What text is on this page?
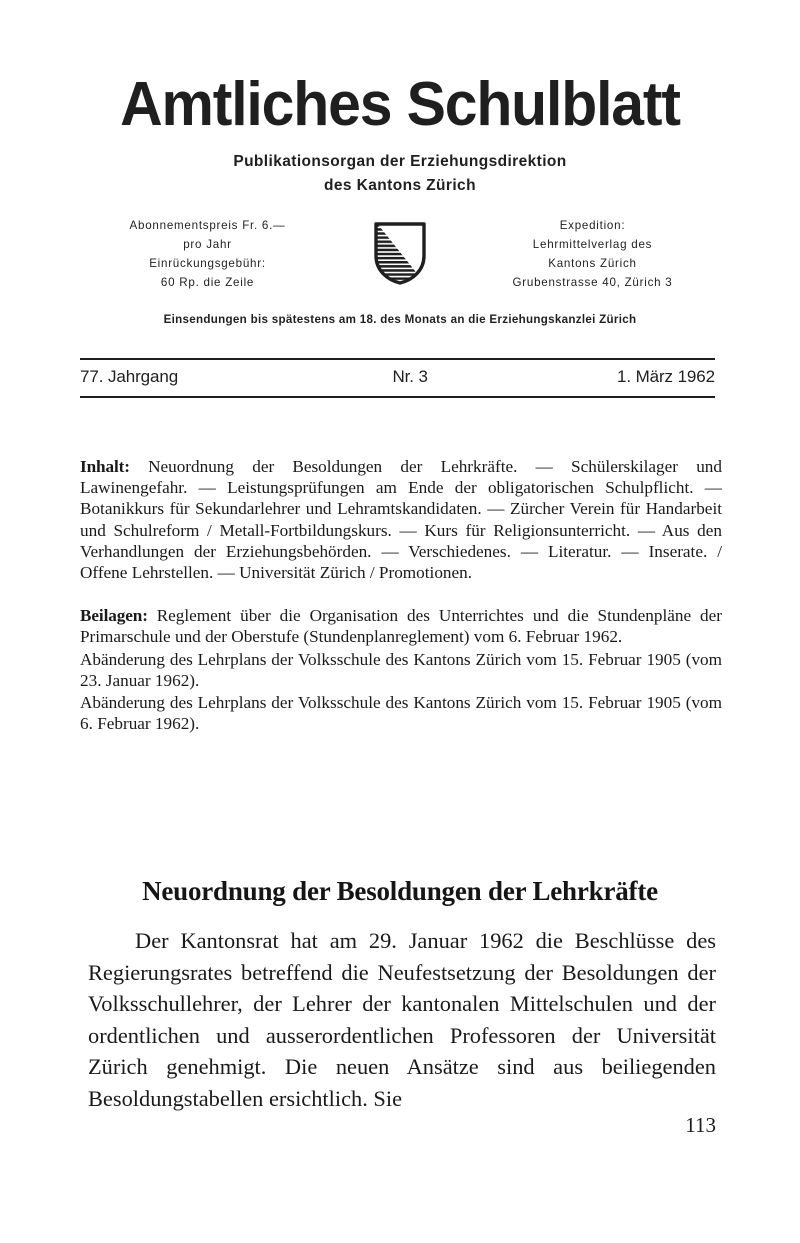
Amtliches Schulblatt
Publikationsorgan der Erziehungsdirektion
des Kantons Zürich
Abonnementspreis Fr. 6.—
pro Jahr
Einrückungsgebühr:
60 Rp. die Zeile
Expedition:
Lehrmittelverlag des
Kantons Zürich
Grubenstrasse 40, Zürich 3
Einsendungen bis spätestens am 18. des Monats an die Erziehungskanzlei Zürich
77. Jahrgang	Nr. 3	1. März 1962

Inhalt: Neuordnung der Besoldungen der Lehrkräfte. — Schülerskilager und Lawinengefahr. — Leistungsprüfungen am Ende der obligatorischen Schulpflicht. — Botanikkurs für Sekundarlehrer und Lehramtskandidaten. — Zürcher Verein für Handarbeit und Schulreform / Metall-Fortbildungskurs. — Kurs für Religionsunterricht. — Aus den Verhandlungen der Erziehungsbehörden. — Verschiedenes. — Literatur. — Inserate. / Offene Lehrstellen. — Universität Zürich / Promotionen.

Beilagen: Reglement über die Organisation des Unterrichtes und die Stundenpläne der Primarschule und der Oberstufe (Stundenplanreglement) vom 6. Februar 1962.

Abänderung des Lehrplans der Volksschule des Kantons Zürich vom 15. Februar 1905 (vom 23. Januar 1962).

Abänderung des Lehrplans der Volksschule des Kantons Zürich vom 15. Februar 1905 (vom 6. Februar 1962).

Neuordnung der Besoldungen der Lehrkräfte

Der Kantonsrat hat am 29. Januar 1962 die Beschlüsse des Regierungsrates betreffend die Neufestsetzung der Besoldungen der Volksschullehrer, der Lehrer der kantonalen Mittelschulen und der ordentlichen und ausserordentlichen Professoren der Universität Zürich genehmigt. Die neuen Ansätze sind aus beiliegenden Besoldungstabellen ersichtlich. Sie

113
